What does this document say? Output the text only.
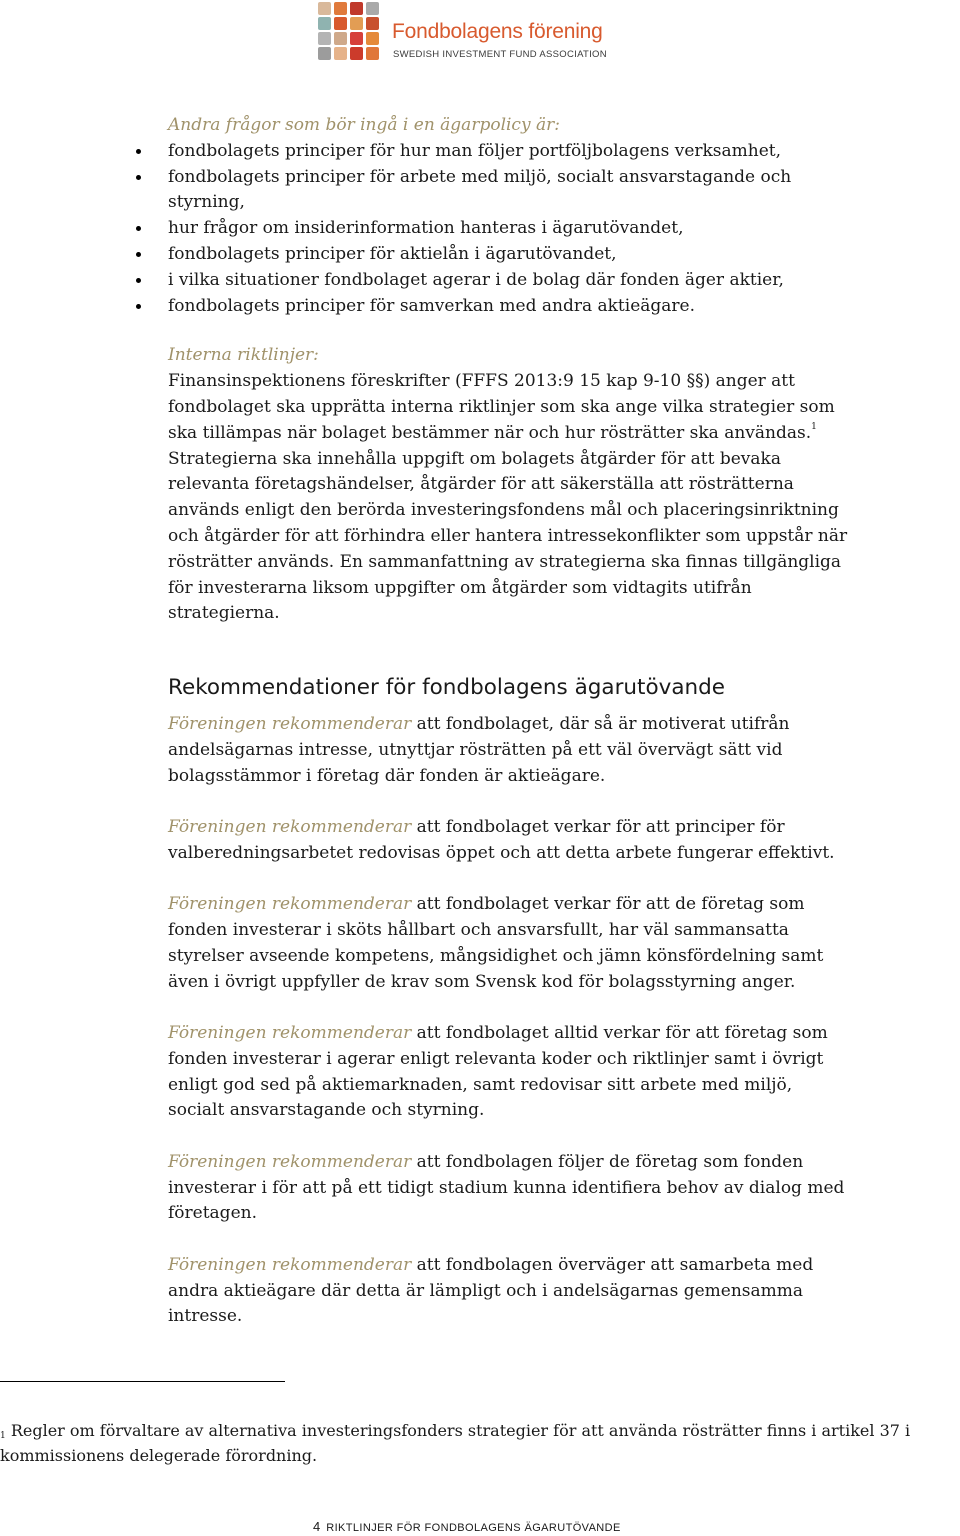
Fondbolagens förening
SWEDISH INVESTMENT FUND ASSOCIATION

Andra frågor som bör ingå i en ägarpolicy är:

fondbolagets principer för hur man följer portföljbolagens verksamhet,
fondbolagets principer för arbete med miljö, socialt ansvarstagande och styrning,
hur frågor om insiderinformation hanteras i ägarutövandet,
fondbolagets principer för aktielån i ägarutövandet,
i vilka situationer fondbolaget agerar i de bolag där fonden äger aktier,
fondbolagets principer för samverkan med andra aktieägare.

Interna riktlinjer:

Finansinspektionens föreskrifter (FFFS 2013:9 15 kap 9-10 §§) anger att fondbolaget ska upprätta interna riktlinjer som ska ange vilka strategier som ska tillämpas när bolaget bestämmer när och hur rösträtter ska användas.$^1$
Strategierna ska innehålla uppgift om bolagets åtgärder för att bevaka relevanta företagshändelser, åtgärder för att säkerställa att rösträtterna används enligt den berörda investeringsfondens mål och placeringsinriktning och åtgärder för att förhindra eller hantera intressekonflikter som uppstår när rösträtter används. En sammanfattning av strategierna ska finnas tillgängliga för investerarna liksom uppgifter om åtgärder som vidtagits utifrån strategierna.

Rekommendationer för fondbolagens ägarutövande

Föreningen rekommenderar att fondbolaget, där så är motiverat utifrån andelsägarnas intresse, utnyttjar rösträtten på ett väl övervägt sätt vid bolagsstämmor i företag där fonden är aktieägare.

Föreningen rekommenderar att fondbolaget verkar för att principer för valberedningsarbetet redovisas öppet och att detta arbete fungerar effektivt.

Föreningen rekommenderar att fondbolaget verkar för att de företag som fonden investerar i sköts hållbart och ansvarsfullt, har väl sammansatta styrelser avseende kompetens, mångsidighet och jämn könsfördelning samt även i övrigt uppfyller de krav som Svensk kod för bolagsstyrning anger.

Föreningen rekommenderar att fondbolaget alltid verkar för att företag som fonden investerar i agerar enligt relevanta koder och riktlinjer samt i övrigt enligt god sed på aktiemarknaden, samt redovisar sitt arbete med miljö, socialt ansvarstagande och styrning.

Föreningen rekommenderar att fondbolagen följer de företag som fonden investerar i för att på ett tidigt stadium kunna identifiera behov av dialog med företagen.

Föreningen rekommenderar att fondbolagen överväger att samarbeta med andra aktieägare där detta är lämpligt och i andelsägarnas gemensamma intresse.

$^1$ Regler om förvaltare av alternativa investeringsfonders strategier för att använda rösträtter finns i artikel 37 i kommissionens delegerade förordning.
4 RIKTLINJER FÖR FONDBOLAGENS ÄGARUTÖVANDE
